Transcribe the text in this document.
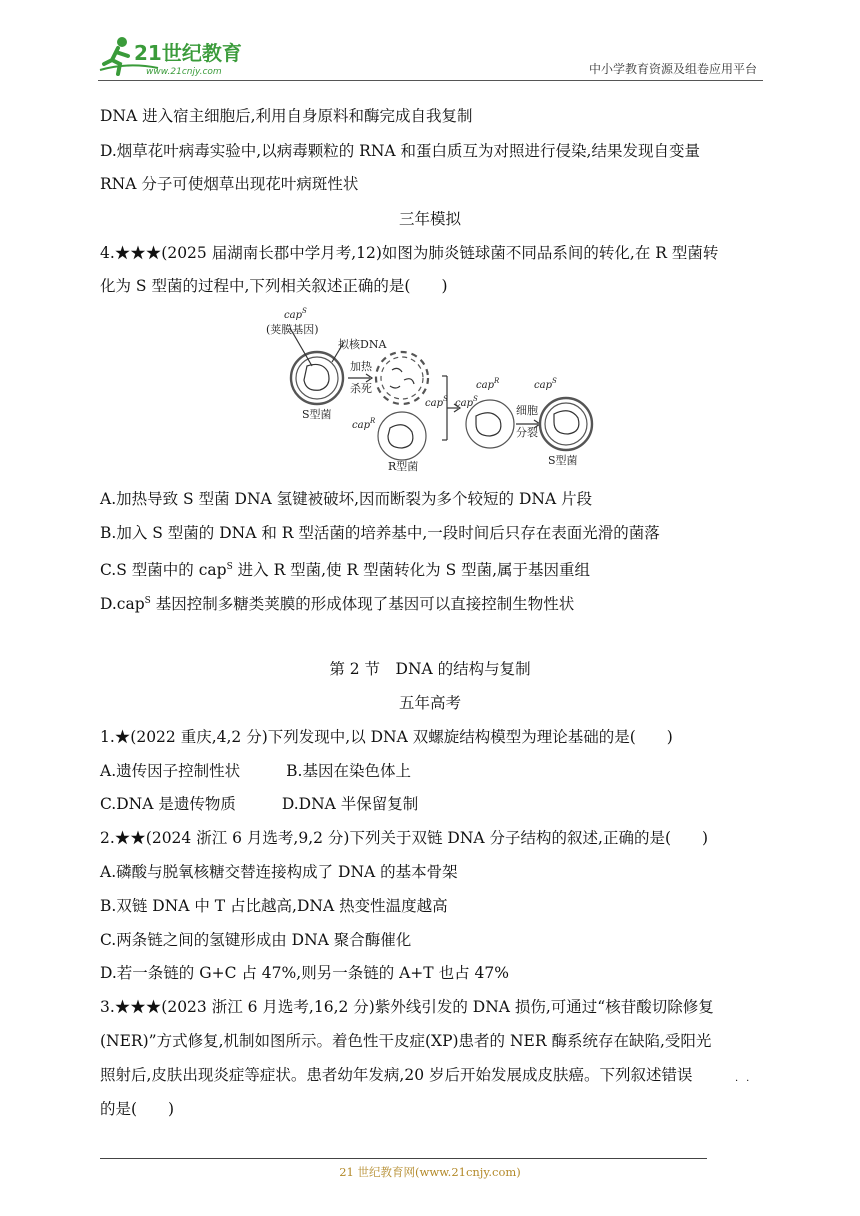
21世纪教育
www.21cnjy.com	中小学教育资源及组卷应用平台
DNA 进入宿主细胞后,利用自身原料和酶完成自我复制
D.烟草花叶病毒实验中,以病毒颗粒的 RNA 和蛋白质互为对照进行侵染,结果发现自变量
RNA 分子可使烟草出现花叶病斑性状
三年模拟
4.★★★(2025 届湖南长郡中学月考,12)如图为肺炎链球菌不同品系间的转化,在 R 型菌转
化为 S 型菌的过程中,下列相关叙述正确的是(　　)
cap$^S$
(荚膜基因)
拟核DNA
加热
杀死
S型菌
cap$^R$
R型菌
cap$^S$ cap$^S$
cap$^R$
细胞
分裂
cap$^S$
S型菌
A.加热导致 S 型菌 DNA 氢键被破坏,因而断裂为多个较短的 DNA 片段
B.加入 S 型菌的 DNA 和 R 型活菌的培养基中,一段时间后只存在表面光滑的菌落
C.S 型菌中的 cap$^S$ 进入 R 型菌,使 R 型菌转化为 S 型菌,属于基因重组
D.cap$^S$ 基因控制多糖类荚膜的形成体现了基因可以直接控制生物性状
第 2 节　DNA 的结构与复制
五年高考
1.★(2022 重庆,4,2 分)下列发现中,以 DNA 双螺旋结构模型为理论基础的是(　　)
A.遗传因子控制性状	B.基因在染色体上
C.DNA 是遗传物质	D.DNA 半保留复制
2.★★(2024 浙江 6 月选考,9,2 分)下列关于双链 DNA 分子结构的叙述,正确的是(　　)
A.磷酸与脱氧核糖交替连接构成了 DNA 的基本骨架
B.双链 DNA 中 T 占比越高,DNA 热变性温度越高
C.两条链之间的氢键形成由 DNA 聚合酶催化
D.若一条链的 G+C 占 47%,则另一条链的 A+T 也占 47%
3.★★★(2023 浙江 6 月选考,16,2 分)紫外线引发的 DNA 损伤,可通过“核苷酸切除修复
(NER)”方式修复,机制如图所示。着色性干皮症(XP)患者的 NER 酶系统存在缺陷,受阳光
照射后,皮肤出现炎症等症状。患者幼年发病,20 岁后开始发展成皮肤癌。下列叙述错误	··
的是(　　)
21 世纪教育网(www.21cnjy.com)
